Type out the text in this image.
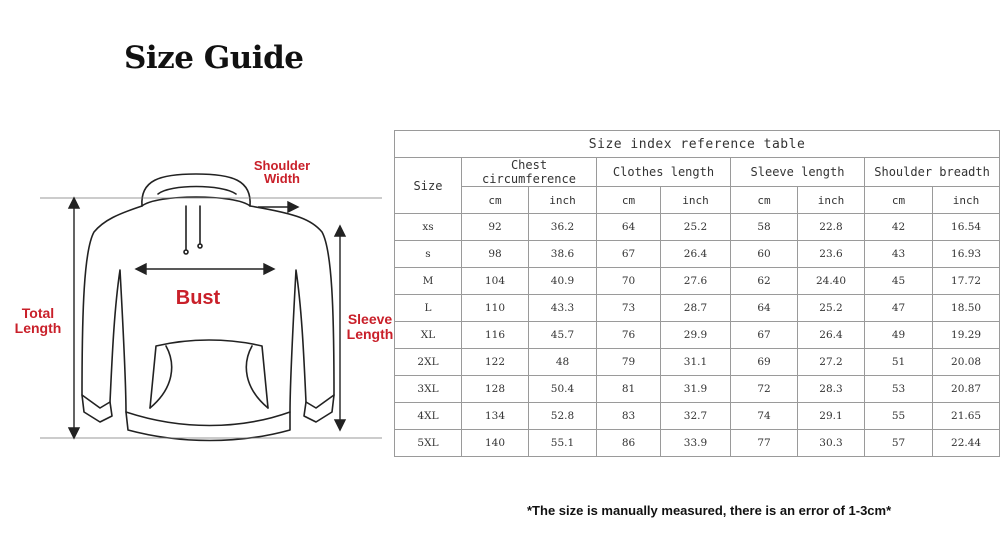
Size Guide
Shoulder
Width
Bust
Total
Length
Sleeve
Length
Size index reference table								
Size	Chest circumference		Clothes length		Sleeve length		Shoulder breadth	
	cm	inch	cm	inch	cm	inch	cm	inch
xs	92	36.2	64	25.2	58	22.8	42	16.54
s	98	38.6	67	26.4	60	23.6	43	16.93
M	104	40.9	70	27.6	62	24.40	45	17.72
L	110	43.3	73	28.7	64	25.2	47	18.50
XL	116	45.7	76	29.9	67	26.4	49	19.29
2XL	122	48	79	31.1	69	27.2	51	20.08
3XL	128	50.4	81	31.9	72	28.3	53	20.87
4XL	134	52.8	83	32.7	74	29.1	55	21.65
5XL	140	55.1	86	33.9	77	30.3	57	22.44
*The size is manually measured, there is an error of 1-3cm*
